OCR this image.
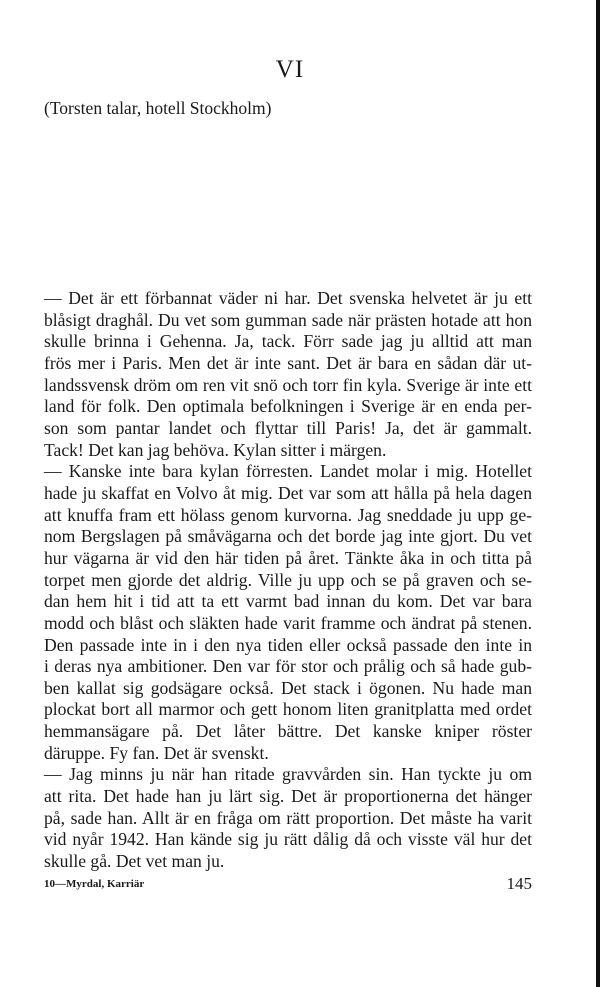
VI
(Torsten talar, hotell Stockholm)
— Det är ett förbannat väder ni har. Det svenska helvetet är ju ett
blåsigt draghål. Du vet som gumman sade när prästen hotade att hon
skulle brinna i Gehenna. Ja, tack. Förr sade jag ju alltid att man
frös mer i Paris. Men det är inte sant. Det är bara en sådan där ut-
landssvensk dröm om ren vit snö och torr fin kyla. Sverige är inte ett
land för folk. Den optimala befolkningen i Sverige är en enda per-
son som pantar landet och flyttar till Paris! Ja, det är gammalt.
Tack! Det kan jag behöva. Kylan sitter i märgen.
— Kanske inte bara kylan förresten. Landet molar i mig. Hotellet
hade ju skaffat en Volvo åt mig. Det var som att hålla på hela dagen
att knuffa fram ett hölass genom kurvorna. Jag sneddade ju upp ge-
nom Bergslagen på småvägarna och det borde jag inte gjort. Du vet
hur vägarna är vid den här tiden på året. Tänkte åka in och titta på
torpet men gjorde det aldrig. Ville ju upp och se på graven och se-
dan hem hit i tid att ta ett varmt bad innan du kom. Det var bara
modd och blåst och släkten hade varit framme och ändrat på stenen.
Den passade inte in i den nya tiden eller också passade den inte in
i deras nya ambitioner. Den var för stor och prålig och så hade gub-
ben kallat sig godsägare också. Det stack i ögonen. Nu hade man
plockat bort all marmor och gett honom liten granitplatta med ordet
hemmansägare på. Det låter bättre. Det kanske kniper röster
däruppe. Fy fan. Det är svenskt.
— Jag minns ju när han ritade gravvården sin. Han tyckte ju om
att rita. Det hade han ju lärt sig. Det är proportionerna det hänger
på, sade han. Allt är en fråga om rätt proportion. Det måste ha varit
vid nyår 1942. Han kände sig ju rätt dålig då och visste väl hur det
skulle gå. Det vet man ju.
10—Myrdal, Karriär	145
